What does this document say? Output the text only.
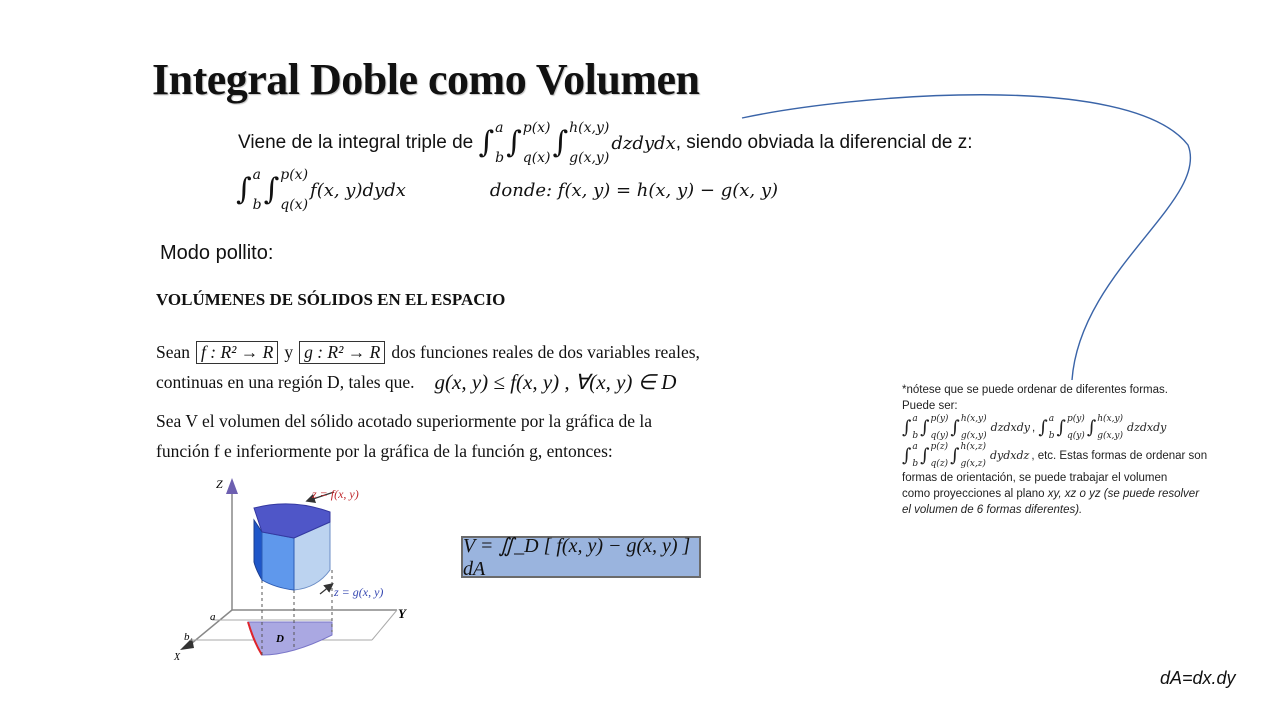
Integral Doble como Volumen
Viene de la integral triple de
∫ a
b ∫ p(x)
q(x) ∫ h(x,y)
g(x,y)
dzdydx , siendo obviada la diferencial de z:
∫ a
b ∫ p(x)
q(x)
f(x, y)dydx	donde: f(x, y) = h(x, y) − g(x, y)
Modo pollito:
VOLÚMENES DE SÓLIDOS EN EL ESPACIO
Sean f : R² → R y g : R² → R dos funciones reales de dos variables reales,
continuas en una región D, tales que. g(x, y) ≤ f(x, y) , ∀(x, y) ∈ D
Sea V el volumen del sólido acotado superiormente por la gráfica de la
función f e inferiormente por la gráfica de la función g, entonces:
Z
Y
X
a
b	D
z = f(x, y)
z = g(x, y)
V = ∬_D [ f(x, y) − g(x, y) ] dA
*nótese que se puede ordenar de diferentes formas.
Puede ser:
∫ a
b ∫ p(y)
q(y) ∫ h(x,y)
g(x,y)
dzdxdy , ∫ a
b ∫ p(y)
q(y) ∫ h(x,y)
g(x,y)
dzdxdy
∫ a
b ∫ p(z)
q(z) ∫ h(x,z)
g(x,z)
dydxdz , etc. Estas formas de ordenar son
formas de orientación, se puede trabajar el volumen
como proyecciones al plano
xy, xz o yz (se puede resolver
el volumen de 6 formas diferentes).
dA=dx.dy
